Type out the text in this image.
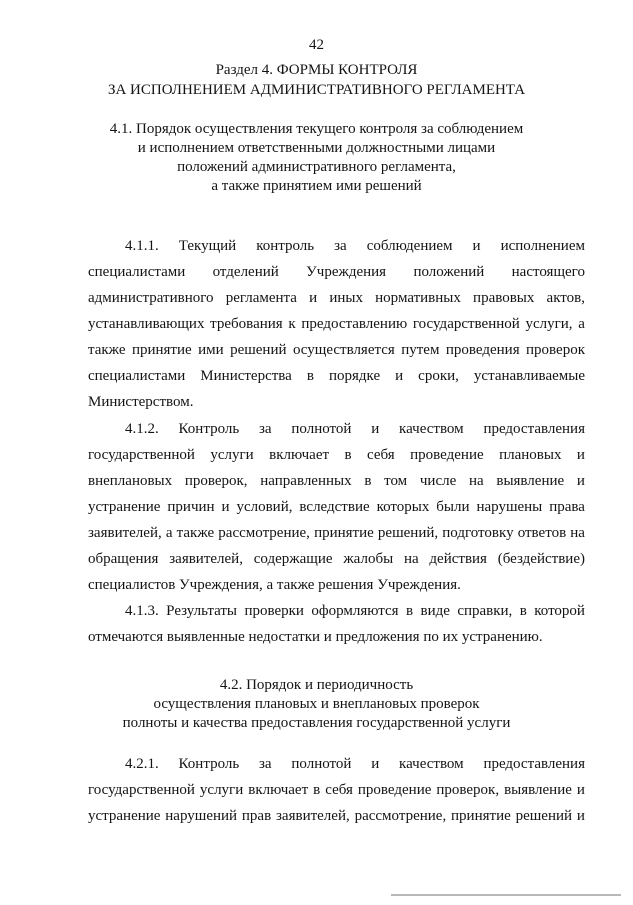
42
Раздел 4. ФОРМЫ КОНТРОЛЯ
ЗА ИСПОЛНЕНИЕМ АДМИНИСТРАТИВНОГО РЕГЛАМЕНТА
4.1. Порядок осуществления текущего контроля за соблюдением
и исполнением ответственными должностными лицами
положений административного регламента,
а также принятием ими решений
4.1.1. Текущий контроль за соблюдением и исполнением
специалистами отделений Учреждения положений настоящего
административного регламента и иных нормативных правовых актов,
устанавливающих требования к предоставлению государственной услуги, а
также принятие ими решений осуществляется путем проведения проверок
специалистами Министерства в порядке и сроки, устанавливаемые
Министерством.
4.1.2. Контроль за полнотой и качеством предоставления
государственной услуги включает в себя проведение плановых и
внеплановых проверок, направленных в том числе на выявление и
устранение причин и условий, вследствие которых были нарушены права
заявителей, а также рассмотрение, принятие решений, подготовку ответов на
обращения заявителей, содержащие жалобы на действия (бездействие)
специалистов Учреждения, а также решения Учреждения.
4.1.3. Результаты проверки оформляются в виде справки, в которой
отмечаются выявленные недостатки и предложения по их устранению.
4.2. Порядок и периодичность
осуществления плановых и внеплановых проверок
полноты и качества предоставления государственной услуги
4.2.1. Контроль за полнотой и качеством предоставления
государственной услуги включает в себя проведение проверок, выявление и
устранение нарушений прав заявителей, рассмотрение, принятие решений и
